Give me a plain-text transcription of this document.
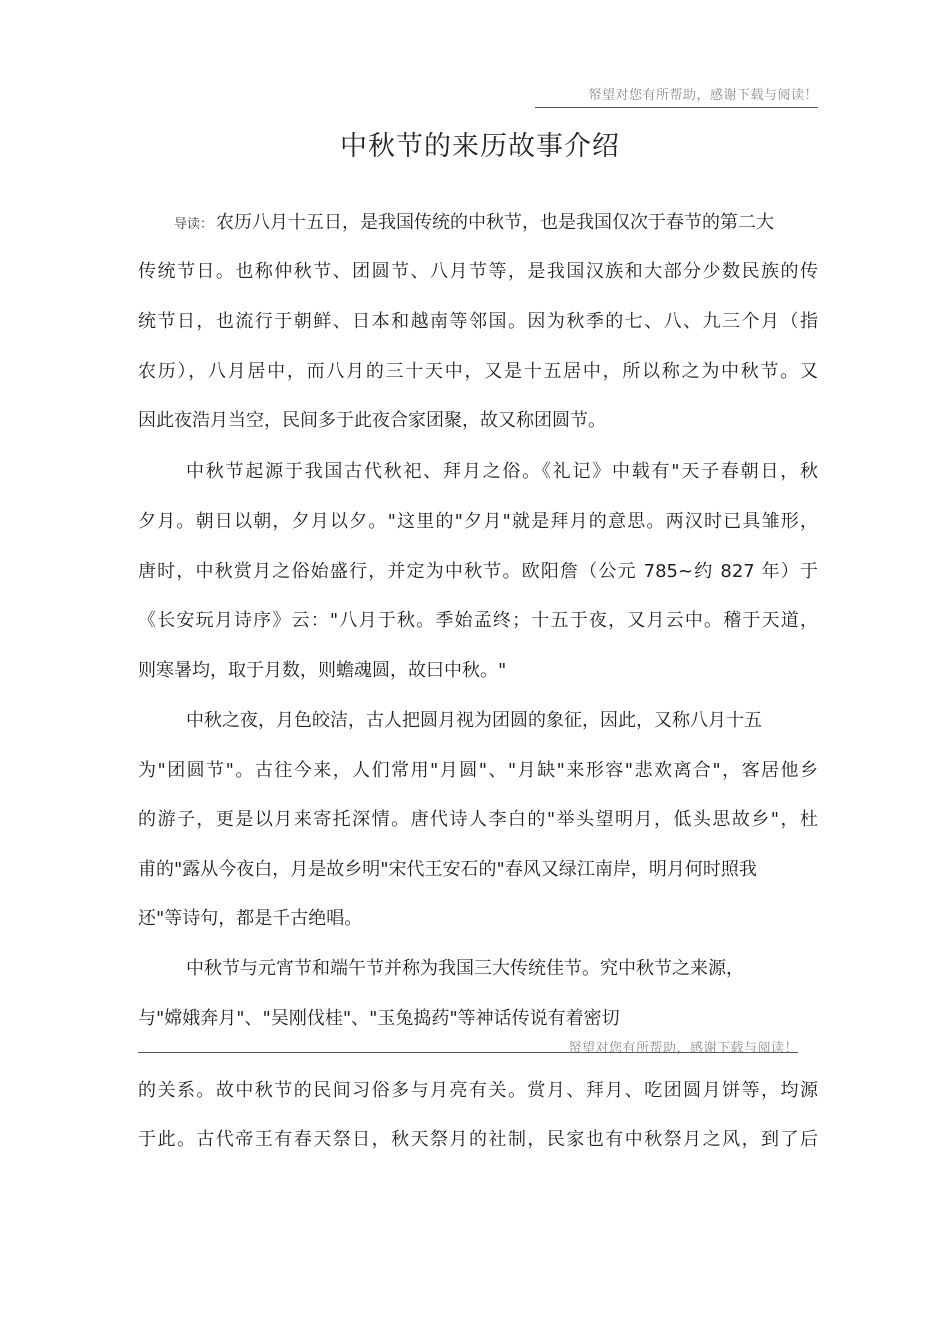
帑望对您有所帮助，感谢下载与阅读！
中秋节的来历故事介绍
导读： 农历八月十五日，是我国传统的中秋节，也是我国仅次于春节的第二大
传统节日。也称仲秋节、团圆节、八月节等，是我国汉族和大部分少数民族的传
统节日，也流行于朝鲜、日本和越南等邻国。因为秋季的七、八、九三个月（指
农历），八月居中，而八月的三十天中，又是十五居中，所以称之为中秋节。又
因此夜浩月当空，民间多于此夜合家团聚，故又称团圆节。
中秋节起源于我国古代秋祀、拜月之俗。《礼记》中载有"天子春朝日，秋
夕月。朝日以朝，夕月以夕。"这里的"夕月"就是拜月的意思。两汉时已具雏形，
唐时，中秋赏月之俗始盛行，并定为中秋节。欧阳詹（公元 785~约 827 年）于
《长安玩月诗序》云："八月于秋。季始孟终；十五于夜，又月云中。稽于天道，
则寒暑均，取于月数，则蟾魂圆，故曰中秋。"
中秋之夜，月色皎洁，古人把圆月视为团圆的象征，因此，又称八月十五
为"团圆节"。古往今来，人们常用"月圆"、"月缺"来形容"悲欢离合"，客居他乡
的游子，更是以月来寄托深情。唐代诗人李白的"举头望明月，低头思故乡"，杜
甫的"露从今夜白，月是故乡明"宋代王安石的"春风又绿江南岸，明月何时照我
还"等诗句，都是千古绝唱。
中秋节与元宵节和端午节并称为我国三大传统佳节。究中秋节之来源，
与"嫦娥奔月"、"吴刚伐桂"、"玉兔捣药"等神话传说有着密切
帑望对您有所帮助，感谢下载与阅读！
的关系。故中秋节的民间习俗多与月亮有关。赏月、拜月、吃团圆月饼等，均源
于此。古代帝王有春天祭日，秋天祭月的社制，民家也有中秋祭月之风，到了后
